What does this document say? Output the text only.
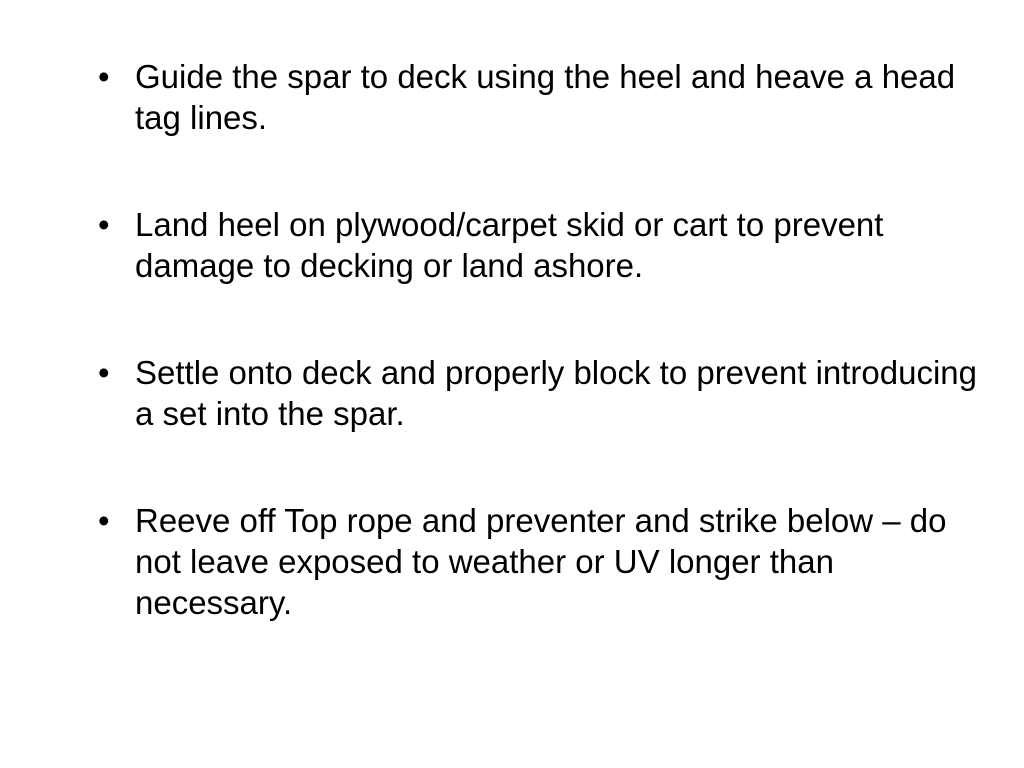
• Guide the spar to deck using the heel and heave a head tag lines.
• Land heel on plywood/carpet skid or cart to prevent damage to decking or land ashore.
• Settle onto deck and properly block to prevent introducing a set into the spar.
• Reeve off Top rope and preventer and strike below – do not leave exposed to weather or UV longer than necessary.
